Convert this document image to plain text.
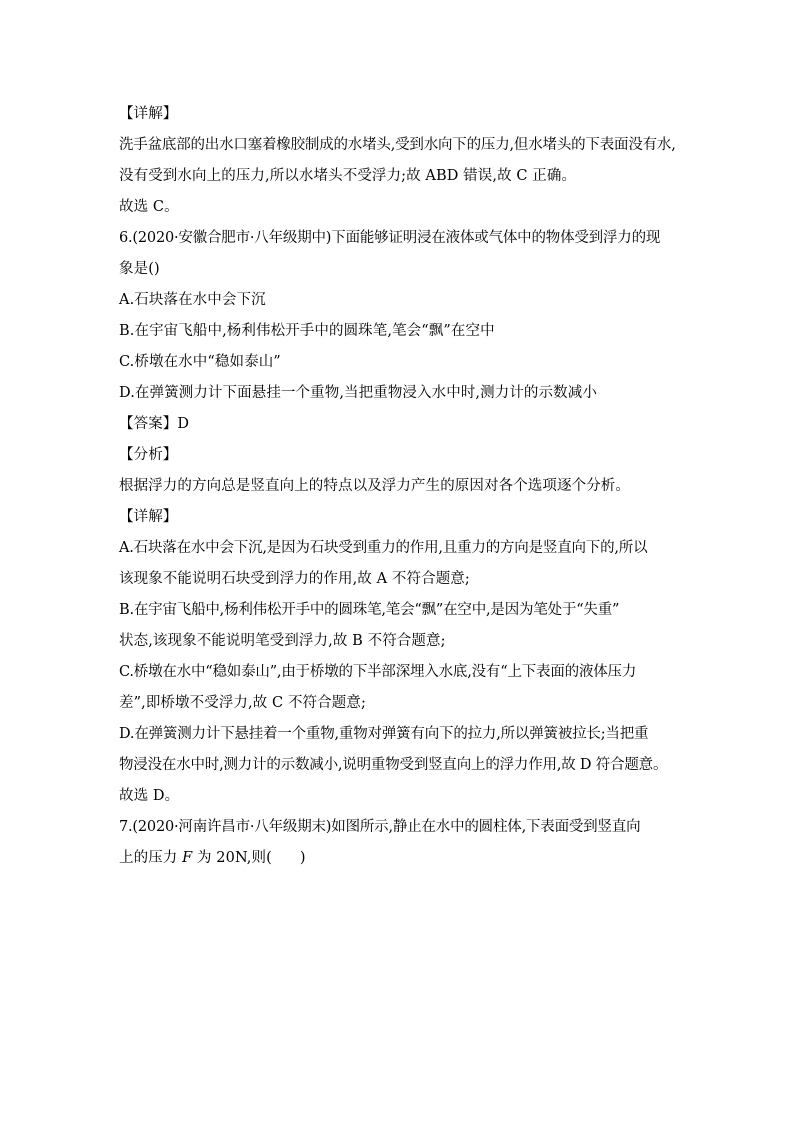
【详解】
洗手盆底部的出水口塞着橡胶制成的水堵头,受到水向下的压力,但水堵头的下表面没有水,
没有受到水向上的压力,所以水堵头不受浮力;故 ABD 错误,故 C 正确。
故选 C。
6.(2020·安徽合肥市·八年级期中)下面能够证明浸在液体或气体中的物体受到浮力的现
象是()
A.石块落在水中会下沉
B.在宇宙飞船中,杨利伟松开手中的圆珠笔,笔会“飘”在空中
C.桥墩在水中“稳如泰山”
D.在弹簧测力计下面悬挂一个重物,当把重物浸入水中时,测力计的示数减小
【答案】D
【分析】
根据浮力的方向总是竖直向上的特点以及浮力产生的原因对各个选项逐个分析。
【详解】
A.石块落在水中会下沉,是因为石块受到重力的作用,且重力的方向是竖直向下的,所以
该现象不能说明石块受到浮力的作用,故 A 不符合题意;
B.在宇宙飞船中,杨利伟松开手中的圆珠笔,笔会“飘”在空中,是因为笔处于“失重”
状态,该现象不能说明笔受到浮力,故 B 不符合题意;
C.桥墩在水中“稳如泰山”,由于桥墩的下半部深埋入水底,没有“上下表面的液体压力
差”,即桥墩不受浮力,故 C 不符合题意;
D.在弹簧测力计下悬挂着一个重物,重物对弹簧有向下的拉力,所以弹簧被拉长;当把重
物浸没在水中时,测力计的示数减小,说明重物受到竖直向上的浮力作用,故 D 符合题意。
故选 D。
7.(2020·河南许昌市·八年级期末)如图所示,静止在水中的圆柱体,下表面受到竖直向
上的压力 F 为 20N,则( )
